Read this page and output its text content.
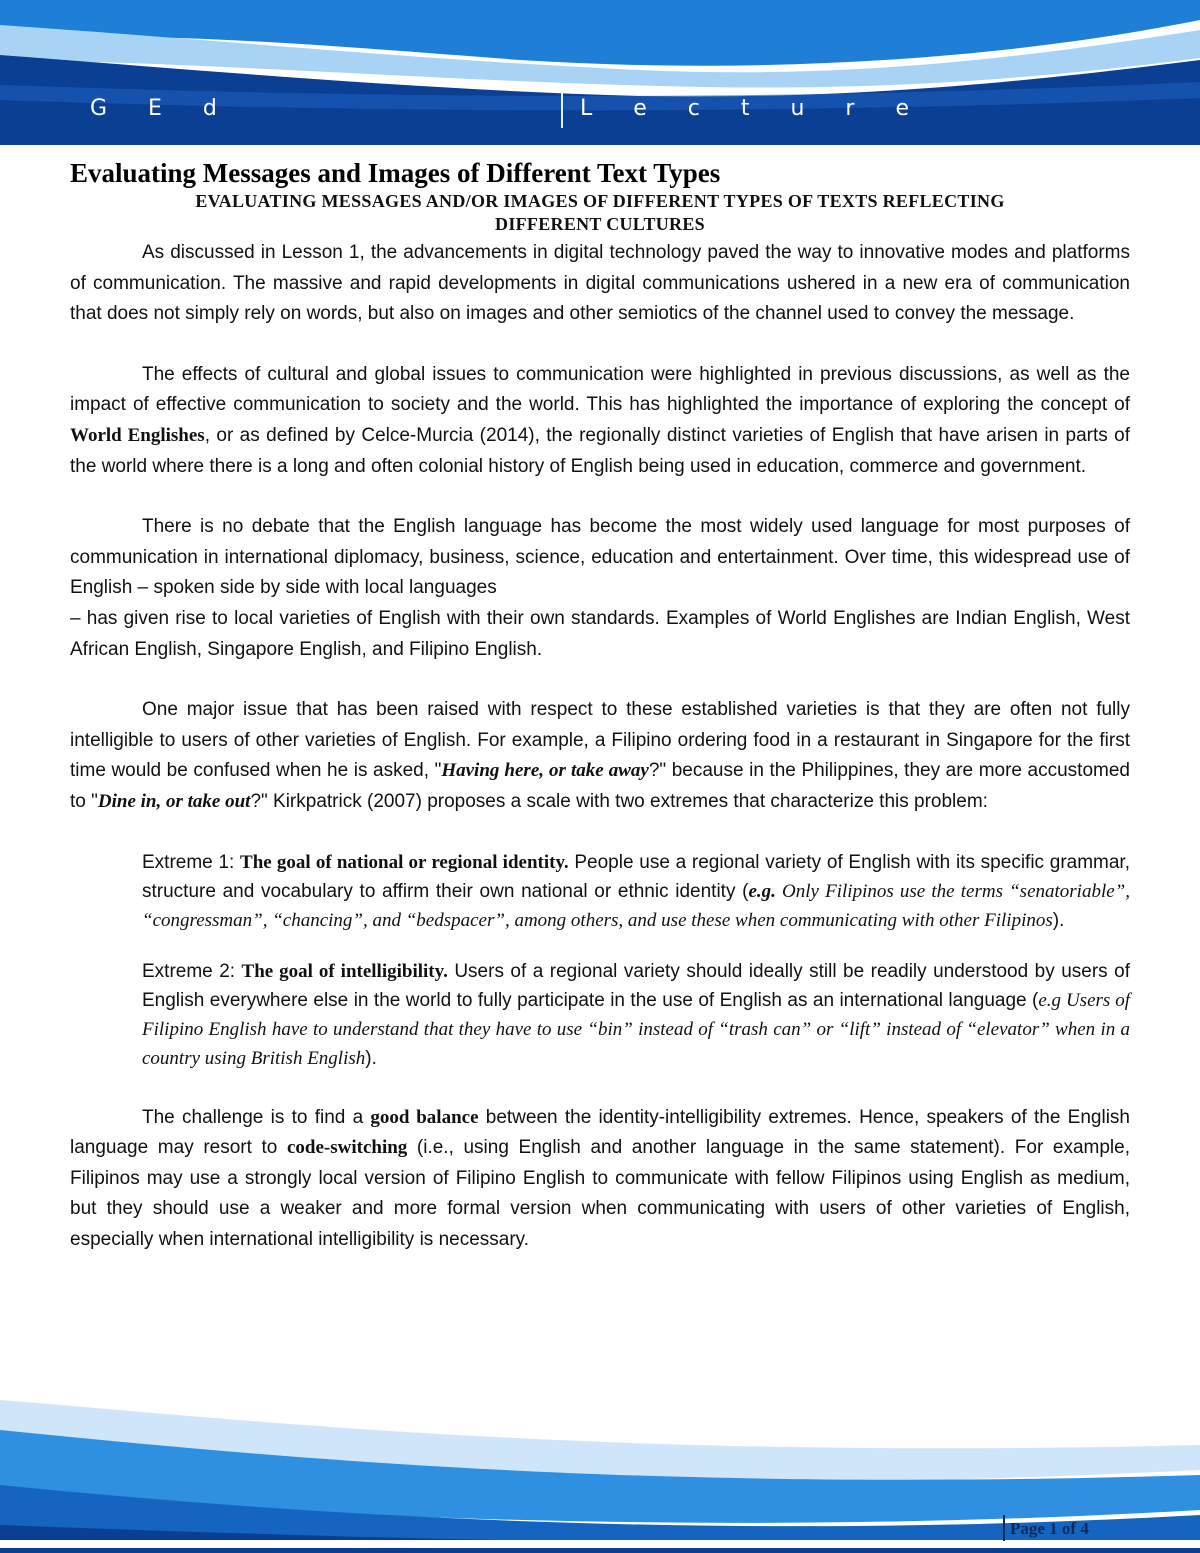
G E d	L e c t u r e
Evaluating Messages and Images of Different Text Types
EVALUATING MESSAGES AND/OR IMAGES OF DIFFERENT TYPES OF TEXTS REFLECTING
DIFFERENT CULTURES

As discussed in Lesson 1, the advancements in digital technology paved the way to innovative modes and platforms of communication. The massive and rapid developments in digital communications ushered in a new era of communication that does not simply rely on words, but also on images and other semiotics of the channel used to convey the message.

The effects of cultural and global issues to communication were highlighted in previous discussions, as well as the impact of effective communication to society and the world. This has highlighted the importance of exploring the concept of World Englishes, or as defined by Celce-Murcia (2014), the regionally distinct varieties of English that have arisen in parts of the world where there is a long and often colonial history of English being used in education, commerce and government.

There is no debate that the English language has become the most widely used language for most purposes of communication in international diplomacy, business, science, education and entertainment. Over time, this widespread use of English – spoken side by side with local languages

– has given rise to local varieties of English with their own standards. Examples of World Englishes are Indian English, West African English, Singapore English, and Filipino English.

One major issue that has been raised with respect to these established varieties is that they are often not fully intelligible to users of other varieties of English. For example, a Filipino ordering food in a restaurant in Singapore for the first time would be confused when he is asked, "Having here, or take away?" because in the Philippines, they are more accustomed to "Dine in, or take out?" Kirkpatrick (2007) proposes a scale with two extremes that characterize this problem:

Extreme 1: The goal of national or regional identity. People use a regional variety of English with its specific grammar, structure and vocabulary to affirm their own national or ethnic identity (e.g. Only Filipinos use the terms “senatoriable”, “congressman”, “chancing”, and “bedspacer”, among others, and use these when communicating with other Filipinos).

Extreme 2: The goal of intelligibility. Users of a regional variety should ideally still be readily understood by users of English everywhere else in the world to fully participate in the use of English as an international language (e.g Users of Filipino English have to understand that they have to use “bin” instead of “trash can” or “lift” instead of “elevator” when in a country using British English).

The challenge is to find a good balance between the identity-intelligibility extremes. Hence, speakers of the English language may resort to code-switching (i.e., using English and another language in the same statement). For example, Filipinos may use a strongly local version of Filipino English to communicate with fellow Filipinos using English as medium, but they should use a weaker and more formal version when communicating with users of other varieties of English, especially when international intelligibility is necessary.

Page 1 of 4
